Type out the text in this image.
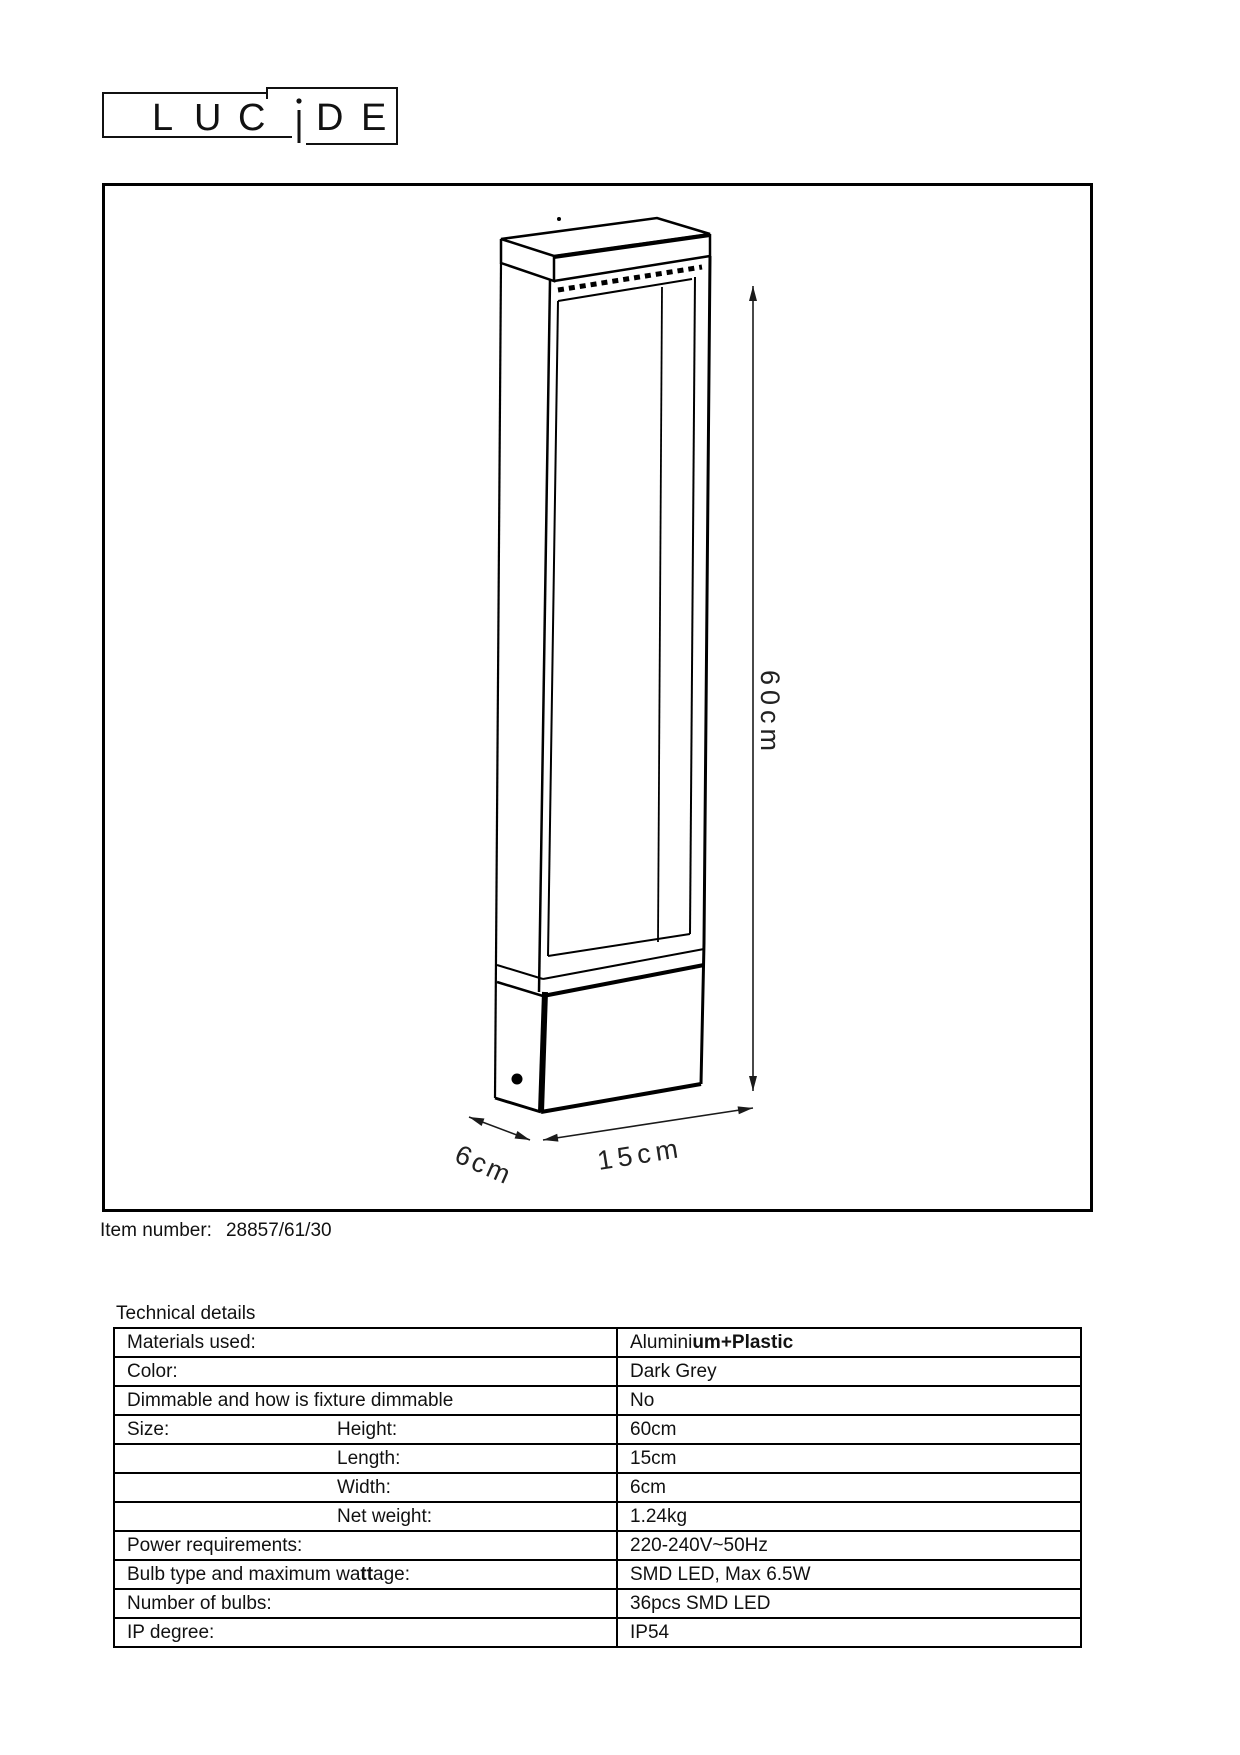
L U C D E
60cm
6cm	15cm
Item number: 28857/61/30
Technical details
Materials used:	Alumini um+Plastic
Color:	Dark Grey
Dimmable and how is fixture dimmable	No
Size:	Height:	60cm
Length:	15cm
Width:	6cm
Net weight:	1.24kg
Power requirements:	220-240V~50Hz
Bulb type and maximum wa tt age:	SMD LED, Max 6.5W
Number of bulbs:	36pcs SMD LED
IP degree:	IP54
